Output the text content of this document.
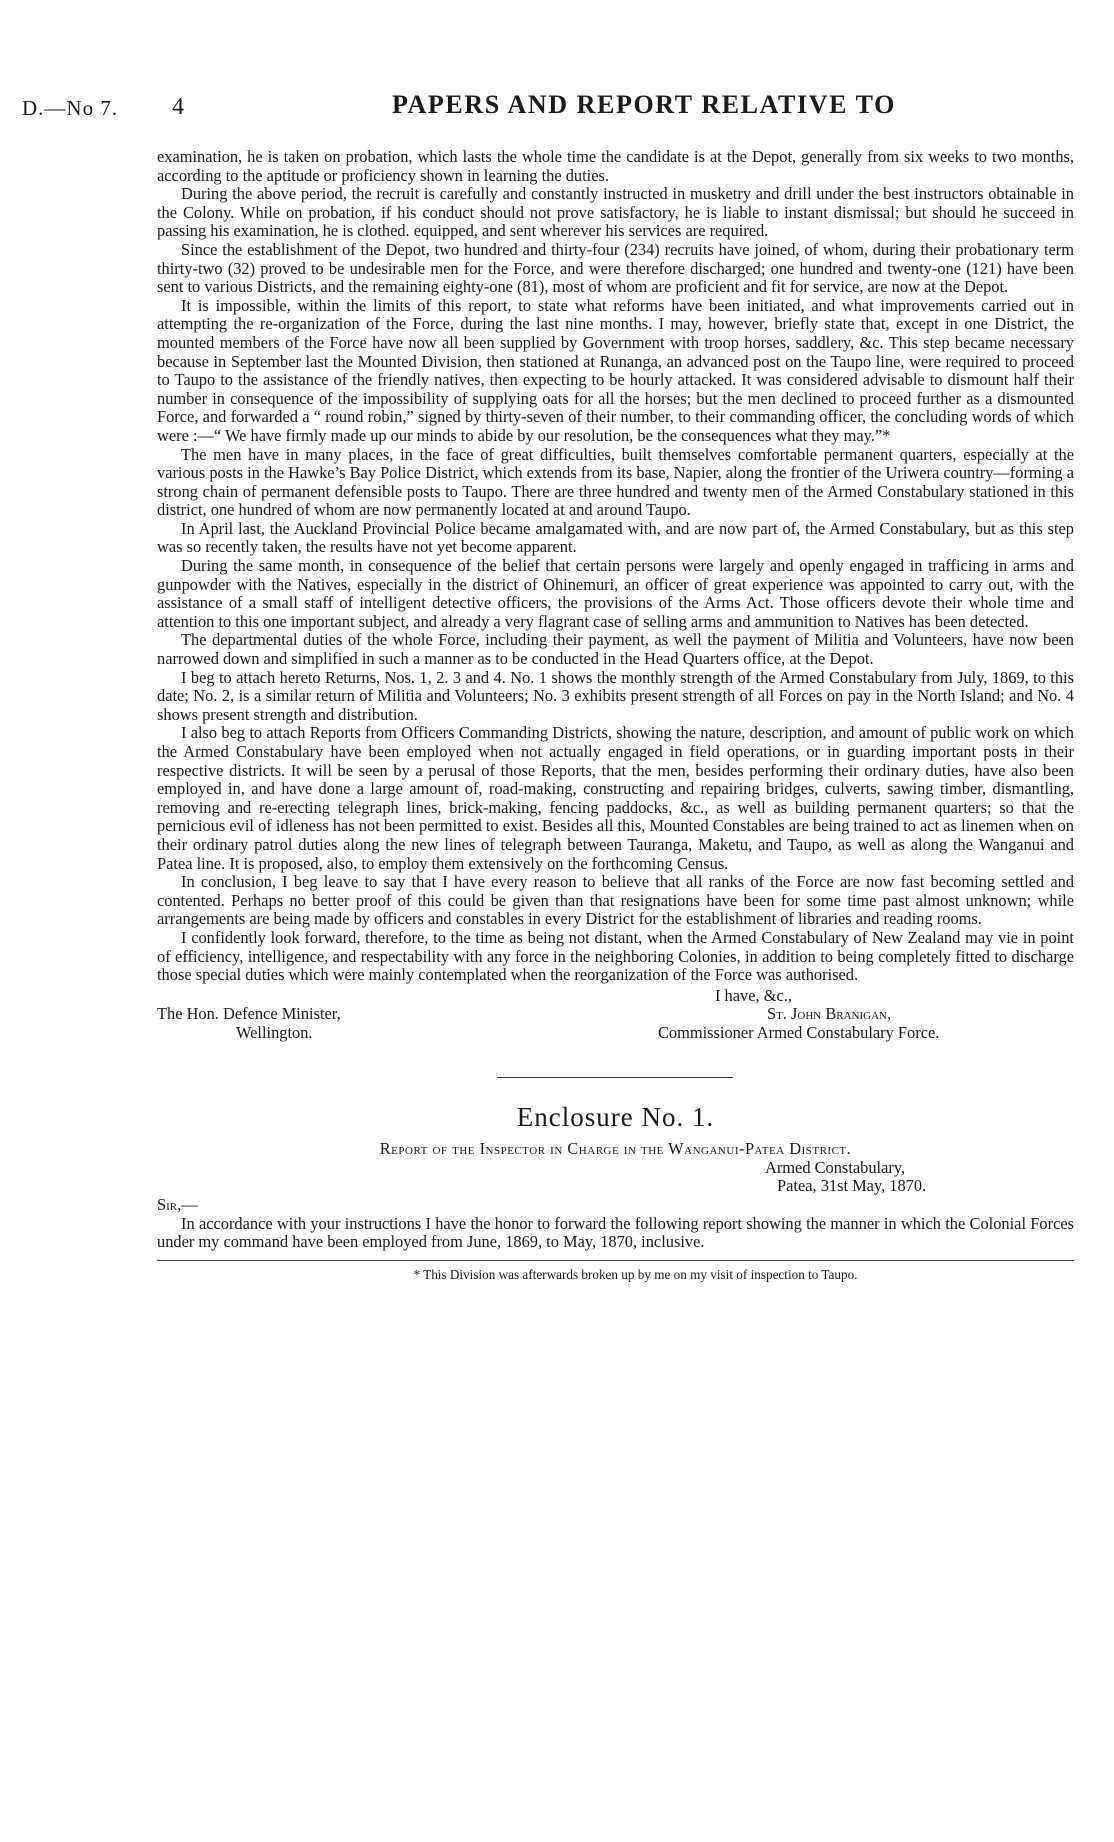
D.—No 7. 4	PAPERS AND REPORT RELATIVE TO

examination, he is taken on probation, which lasts the whole time the candidate is at the Depot, generally from six weeks to two months, according to the aptitude or proficiency shown in learning the duties.

During the above period, the recruit is carefully and constantly instructed in musketry and drill under the best instructors obtainable in the Colony. While on probation, if his conduct should not prove satisfactory, he is liable to instant dismissal; but should he succeed in passing his examination, he is clothed. equipped, and sent wherever his services are required.

Since the establishment of the Depot, two hundred and thirty-four (234) recruits have joined, of whom, during their probationary term thirty-two (32) proved to be undesirable men for the Force, and were therefore discharged; one hundred and twenty-one (121) have been sent to various Districts, and the remaining eighty-one (81), most of whom are proficient and fit for service, are now at the Depot.

It is impossible, within the limits of this report, to state what reforms have been initiated, and what improvements carried out in attempting the re-organization of the Force, during the last nine months. I may, however, briefly state that, except in one District, the mounted members of the Force have now all been supplied by Government with troop horses, saddlery, &c. This step became necessary because in September last the Mounted Division, then stationed at Runanga, an advanced post on the Taupo line, were required to proceed to Taupo to the assistance of the friendly natives, then expecting to be hourly attacked. It was considered advisable to dismount half their number in consequence of the impossibility of supplying oats for all the horses; but the men declined to proceed further as a dismounted Force, and forwarded a “ round robin,” signed by thirty-seven of their number, to their commanding officer, the concluding words of which were :—“ We have firmly made up our minds to abide by our resolution, be the consequences what they may.”*

The men have in many places, in the face of great difficulties, built themselves comfortable permanent quarters, especially at the various posts in the Hawke’s Bay Police District, which extends from its base, Napier, along the frontier of the Uriwera country—forming a strong chain of permanent defensible posts to Taupo. There are three hundred and twenty men of the Armed Constabulary stationed in this district, one hundred of whom are now permanently located at and around Taupo.

In April last, the Auckland Provincial Police became amalgamated with, and are now part of, the Armed Constabulary, but as this step was so recently taken, the results have not yet become apparent.

During the same month, in consequence of the belief that certain persons were largely and openly engaged in trafficing in arms and gunpowder with the Natives, especially in the district of Ohinemuri, an officer of great experience was appointed to carry out, with the assistance of a small staff of intelligent detective officers, the provisions of the Arms Act. Those officers devote their whole time and attention to this one important subject, and already a very flagrant case of selling arms and ammunition to Natives has been detected.

The departmental duties of the whole Force, including their payment, as well the payment of Militia and Volunteers, have now been narrowed down and simplified in such a manner as to be conducted in the Head Quarters office, at the Depot.

I beg to attach hereto Returns, Nos. 1, 2. 3 and 4. No. 1 shows the monthly strength of the Armed Constabulary from July, 1869, to this date; No. 2, is a similar return of Militia and Volunteers; No. 3 exhibits present strength of all Forces on pay in the North Island; and No. 4 shows present strength and distribution.

I also beg to attach Reports from Officers Commanding Districts, showing the nature, description, and amount of public work on which the Armed Constabulary have been employed when not actually engaged in field operations, or in guarding important posts in their respective districts. It will be seen by a perusal of those Reports, that the men, besides performing their ordinary duties, have also been employed in, and have done a large amount of, road-making, constructing and repairing bridges, culverts, sawing timber, dismantling, removing and re-erecting telegraph lines, brick-making, fencing paddocks, &c., as well as building permanent quarters; so that the pernicious evil of idleness has not been permitted to exist. Besides all this, Mounted Constables are being trained to act as linemen when on their ordinary patrol duties along the new lines of telegraph between Tauranga, Maketu, and Taupo, as well as along the Wanganui and Patea line. It is proposed, also, to employ them extensively on the forthcoming Census.

In conclusion, I beg leave to say that I have every reason to believe that all ranks of the Force are now fast becoming settled and contented. Perhaps no better proof of this could be given than that resignations have been for some time past almost unknown; while arrangements are being made by officers and constables in every District for the establishment of libraries and reading rooms.

I confidently look forward, therefore, to the time as being not distant, when the Armed Constabulary of New Zealand may vie in point of efficiency, intelligence, and respectability with any force in the neighboring Colonies, in addition to being completely fitted to discharge those special duties which were mainly contemplated when the reorganization of the Force was authorised.

I have, &c.,
The Hon. Defence Minister,
Wellington.
St. John Branigan,
Commissioner Armed Constabulary Force.
Enclosure No. 1.
Report of the Inspector in Charge in the Wanganui-Patea District.
Armed Constabulary,
Patea, 31st May, 1870.
Sir,—

In accordance with your instructions I have the honor to forward the following report showing the manner in which the Colonial Forces under my command have been employed from June, 1869, to May, 1870, inclusive.

* This Division was afterwards broken up by me on my visit of inspection to Taupo.
